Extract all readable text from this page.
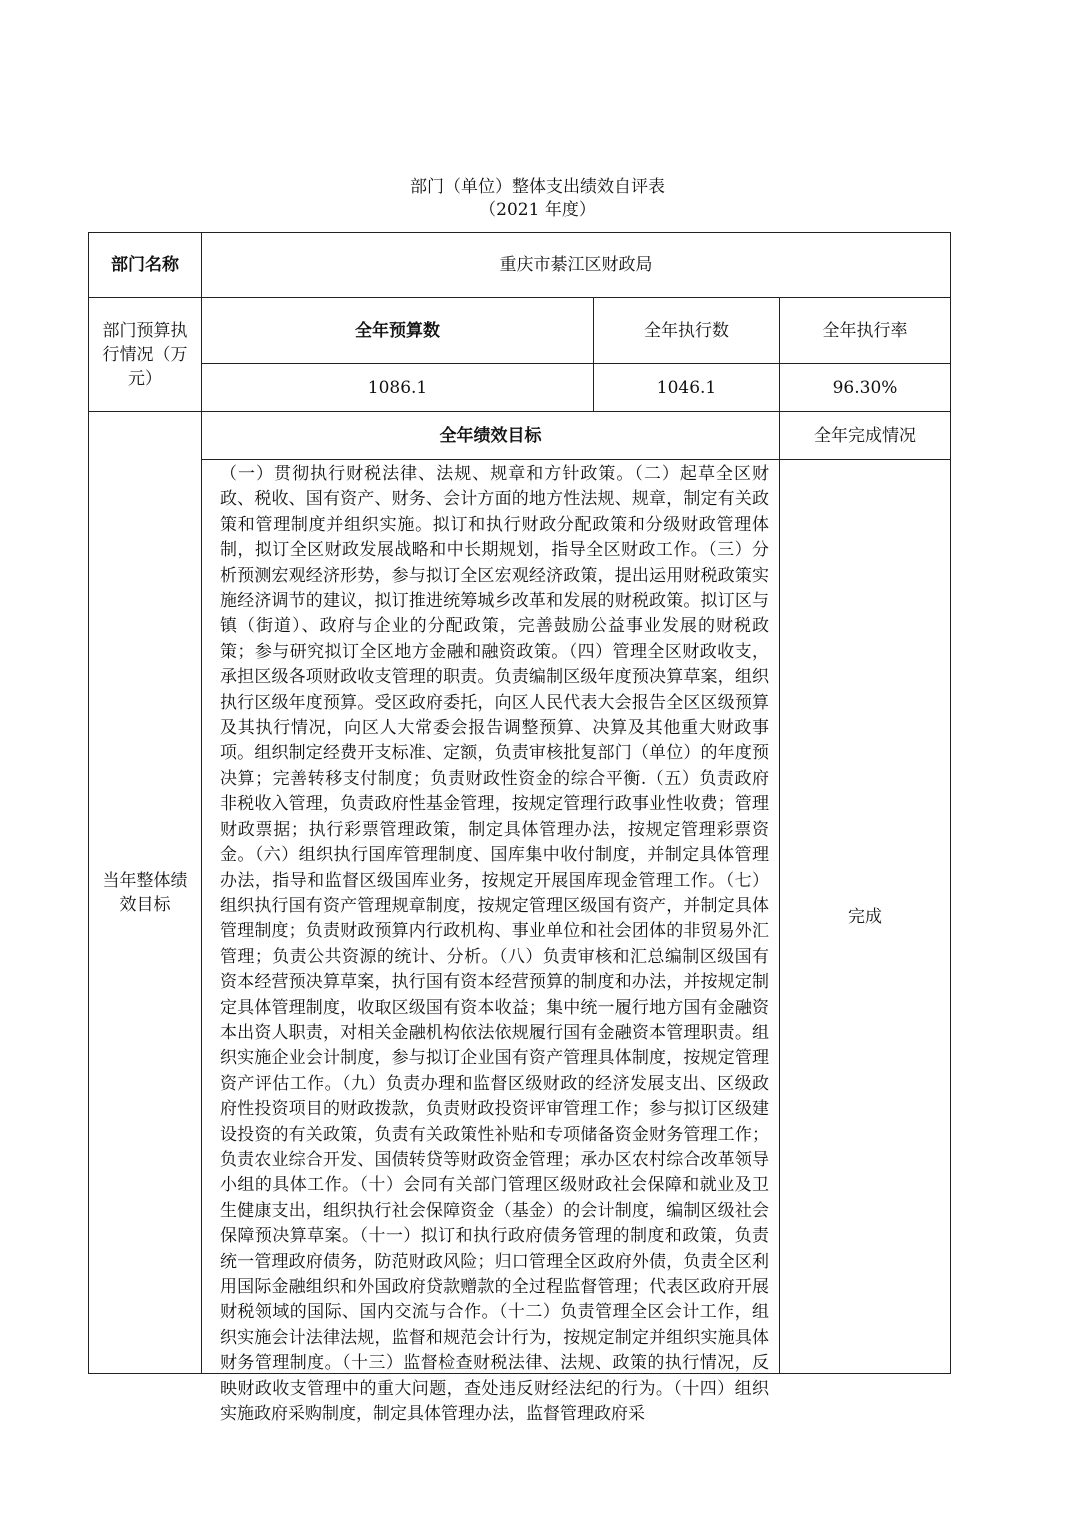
部门（单位）整体支出绩效自评表
（2021 年度）
部门名称	重庆市綦江区财政局		
部门预算执行情况（万元）	全年预算数	全年执行数	全年执行率
	1086.1	1046.1	96.30%
当年整体绩效目标	全年绩效目标		全年完成情况

	（一）贯彻执行财税法律、法规、规章和方针政策。（二）起草全区财政、税收、国有资产、财务、会计方面的地方性法规、规章，制定有关政策和管理制度并组织实施。拟订和执行财政分配政策和分级财政管理体制，拟订全区财政发展战略和中长期规划，指导全区财政工作。（三）分析预测宏观经济形势，参与拟订全区宏观经济政策，提出运用财税政策实施经济调节的建议，拟订推进统筹城乡改革和发展的财税政策。拟订区与镇（街道）、政府与企业的分配政策，完善鼓励公益事业发展的财税政策；参与研究拟订全区地方金融和融资政策。（四）管理全区财政收支，承担区级各项财政收支管理的职责。负责编制区级年度预决算草案，组织执行区级年度预算。受区政府委托，向区人民代表大会报告全区区级预算及其执行情况，向区人大常委会报告调整预算、决算及其他重大财政事项。组织制定经费开支标准、定额，负责审核批复部门（单位）的年度预决算；完善转移支付制度；负责财政性资金的综合平衡.（五）负责政府非税收入管理，负责政府性基金管理，按规定管理行政事业性收费；管理财政票据；执行彩票管理政策，制定具体管理办法，按规定管理彩票资金。（六）组织执行国库管理制度、国库集中收付制度，并制定具体管理办法，指导和监督区级国库业务，按规定开展国库现金管理工作。（七）组织执行国有资产管理规章制度，按规定管理区级国有资产，并制定具体管理制度；负责财政预算内行政机构、事业单位和社会团体的非贸易外汇管理；负责公共资源的统计、分析。（八）负责审核和汇总编制区级国有资本经营预决算草案，执行国有资本经营预算的制度和办法，并按规定制定具体管理制度，收取区级国有资本收益；集中统一履行地方国有金融资本出资人职责，对相关金融机构依法依规履行国有金融资本管理职责。组织实施企业会计制度，参与拟订企业国有资产管理具体制度，按规定管理资产评估工作。（九）负责办理和监督区级财政的经济发展支出、区级政府性投资项目的财政拨款，负责财政投资评审管理工作；参与拟订区级建设投资的有关政策，负责有关政策性补贴和专项储备资金财务管理工作；负责农业综合开发、国债转贷等财政资金管理；承办区农村综合改革领导小组的具体工作。（十）会同有关部门管理区级财政社会保障和就业及卫生健康支出，组织执行社会保障资金（基金）的会计制度，编制区级社会保障预决算草案。（十一）拟订和执行政府债务管理的制度和政策，负责统一管理政府债务，防范财政风险；归口管理全区政府外债，负责全区利用国际金融组织和外国政府贷款赠款的全过程监督管理；代表区政府开展财税领域的国际、国内交流与合作。（十二）负责管理全区会计工作，组织实施会计法律法规，监督和规范会计行为，按规定制定并组织实施具体财务管理制度。（十三）监督检查财税法律、法规、政策的执行情况，反映财政收支管理中的重大问题，查处违反财经法纪的行为。（十四）组织实施政府采购制度，制定具体管理办法，监督管理政府采		完成
